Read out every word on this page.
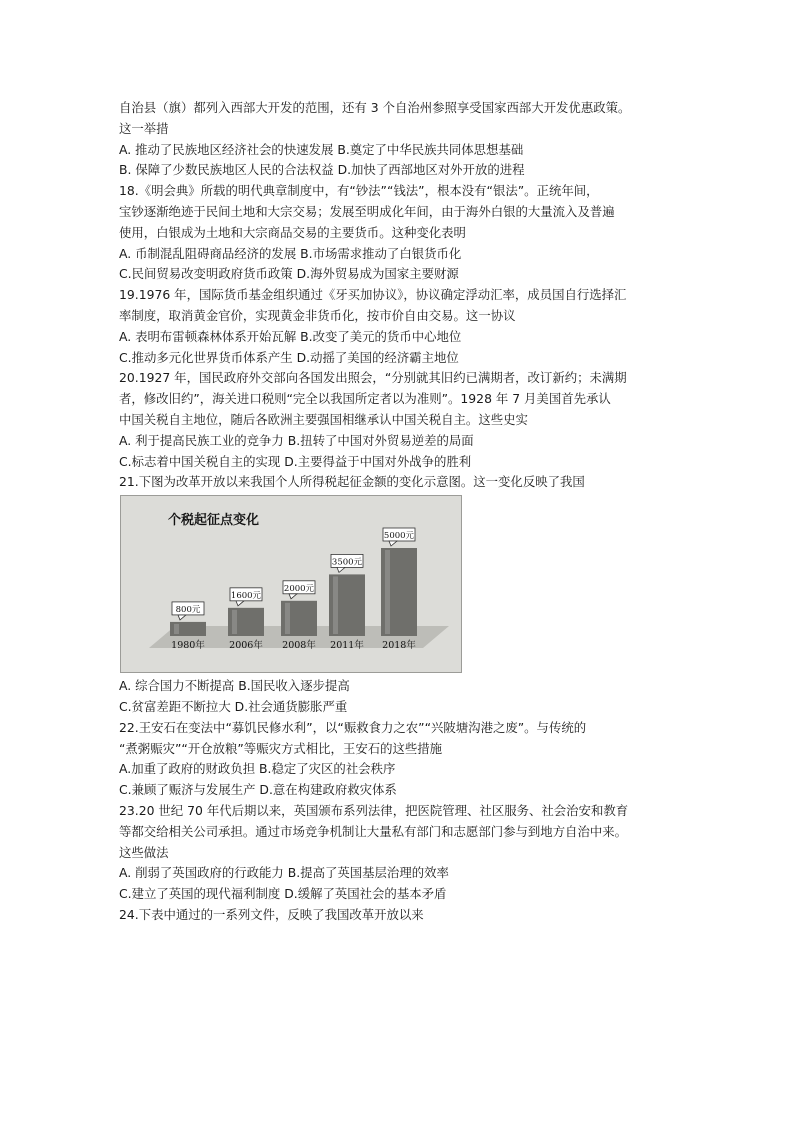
自治县（旗）都列入西部大开发的范围，还有 3 个自治州参照享受国家西部大开发优惠政策。
这一举措
A. 推动了民族地区经济社会的快速发展 B.奠定了中华民族共同体思想基础
B. 保障了少数民族地区人民的合法权益 D.加快了西部地区对外开放的进程
18.《明会典》所载的明代典章制度中，有“钞法”“钱法”，根本没有“银法”。正统年间，
宝钞逐渐绝迹于民间土地和大宗交易；发展至明成化年间，由于海外白银的大量流入及普遍
使用，白银成为土地和大宗商品交易的主要货币。这种变化表明
A. 币制混乱阻碍商品经济的发展 B.市场需求推动了白银货币化
C.民间贸易改变明政府货币政策 D.海外贸易成为国家主要财源
19.1976 年，国际货币基金组织通过《牙买加协议》，协议确定浮动汇率，成员国自行选择汇
率制度，取消黄金官价，实现黄金非货币化，按市价自由交易。这一协议
A. 表明布雷顿森林体系开始瓦解 B.改变了美元的货币中心地位
C.推动多元化世界货币体系产生 D.动摇了美国的经济霸主地位
20.1927 年，国民政府外交部向各国发出照会，“分别就其旧约已满期者，改订新约；未满期
者，修改旧约”，海关进口税则“完全以我国所定者以为准则”。1928 年 7 月美国首先承认
中国关税自主地位，随后各欧洲主要强国相继承认中国关税自主。这些史实
A. 利于提高民族工业的竞争力 B.扭转了中国对外贸易逆差的局面
C.标志着中国关税自主的实现 D.主要得益于中国对外战争的胜利
21.下图为改革开放以来我国个人所得税起征金额的变化示意图。这一变化反映了我国
个税起征点变化
800元
1980年
1600元
2006年
2000元
2008年
3500元
2011年
5000元
2018年
A. 综合国力不断提高 B.国民收入逐步提高
C.贫富差距不断拉大 D.社会通货膨胀严重
22.王安石在变法中“募饥民修水利”，以“赈救食力之农”“兴陂塘沟港之废”。与传统的
“煮粥赈灾”“开仓放粮”等赈灾方式相比，王安石的这些措施
A.加重了政府的财政负担 B.稳定了灾区的社会秩序
C.兼顾了赈济与发展生产 D.意在构建政府救灾体系
23.20 世纪 70 年代后期以来，英国颁布系列法律，把医院管理、社区服务、社会治安和教育
等都交给相关公司承担。通过市场竞争机制让大量私有部门和志愿部门参与到地方自治中来。
这些做法
A. 削弱了英国政府的行政能力 B.提高了英国基层治理的效率
C.建立了英国的现代福利制度 D.缓解了英国社会的基本矛盾
24.下表中通过的一系列文件，反映了我国改革开放以来
